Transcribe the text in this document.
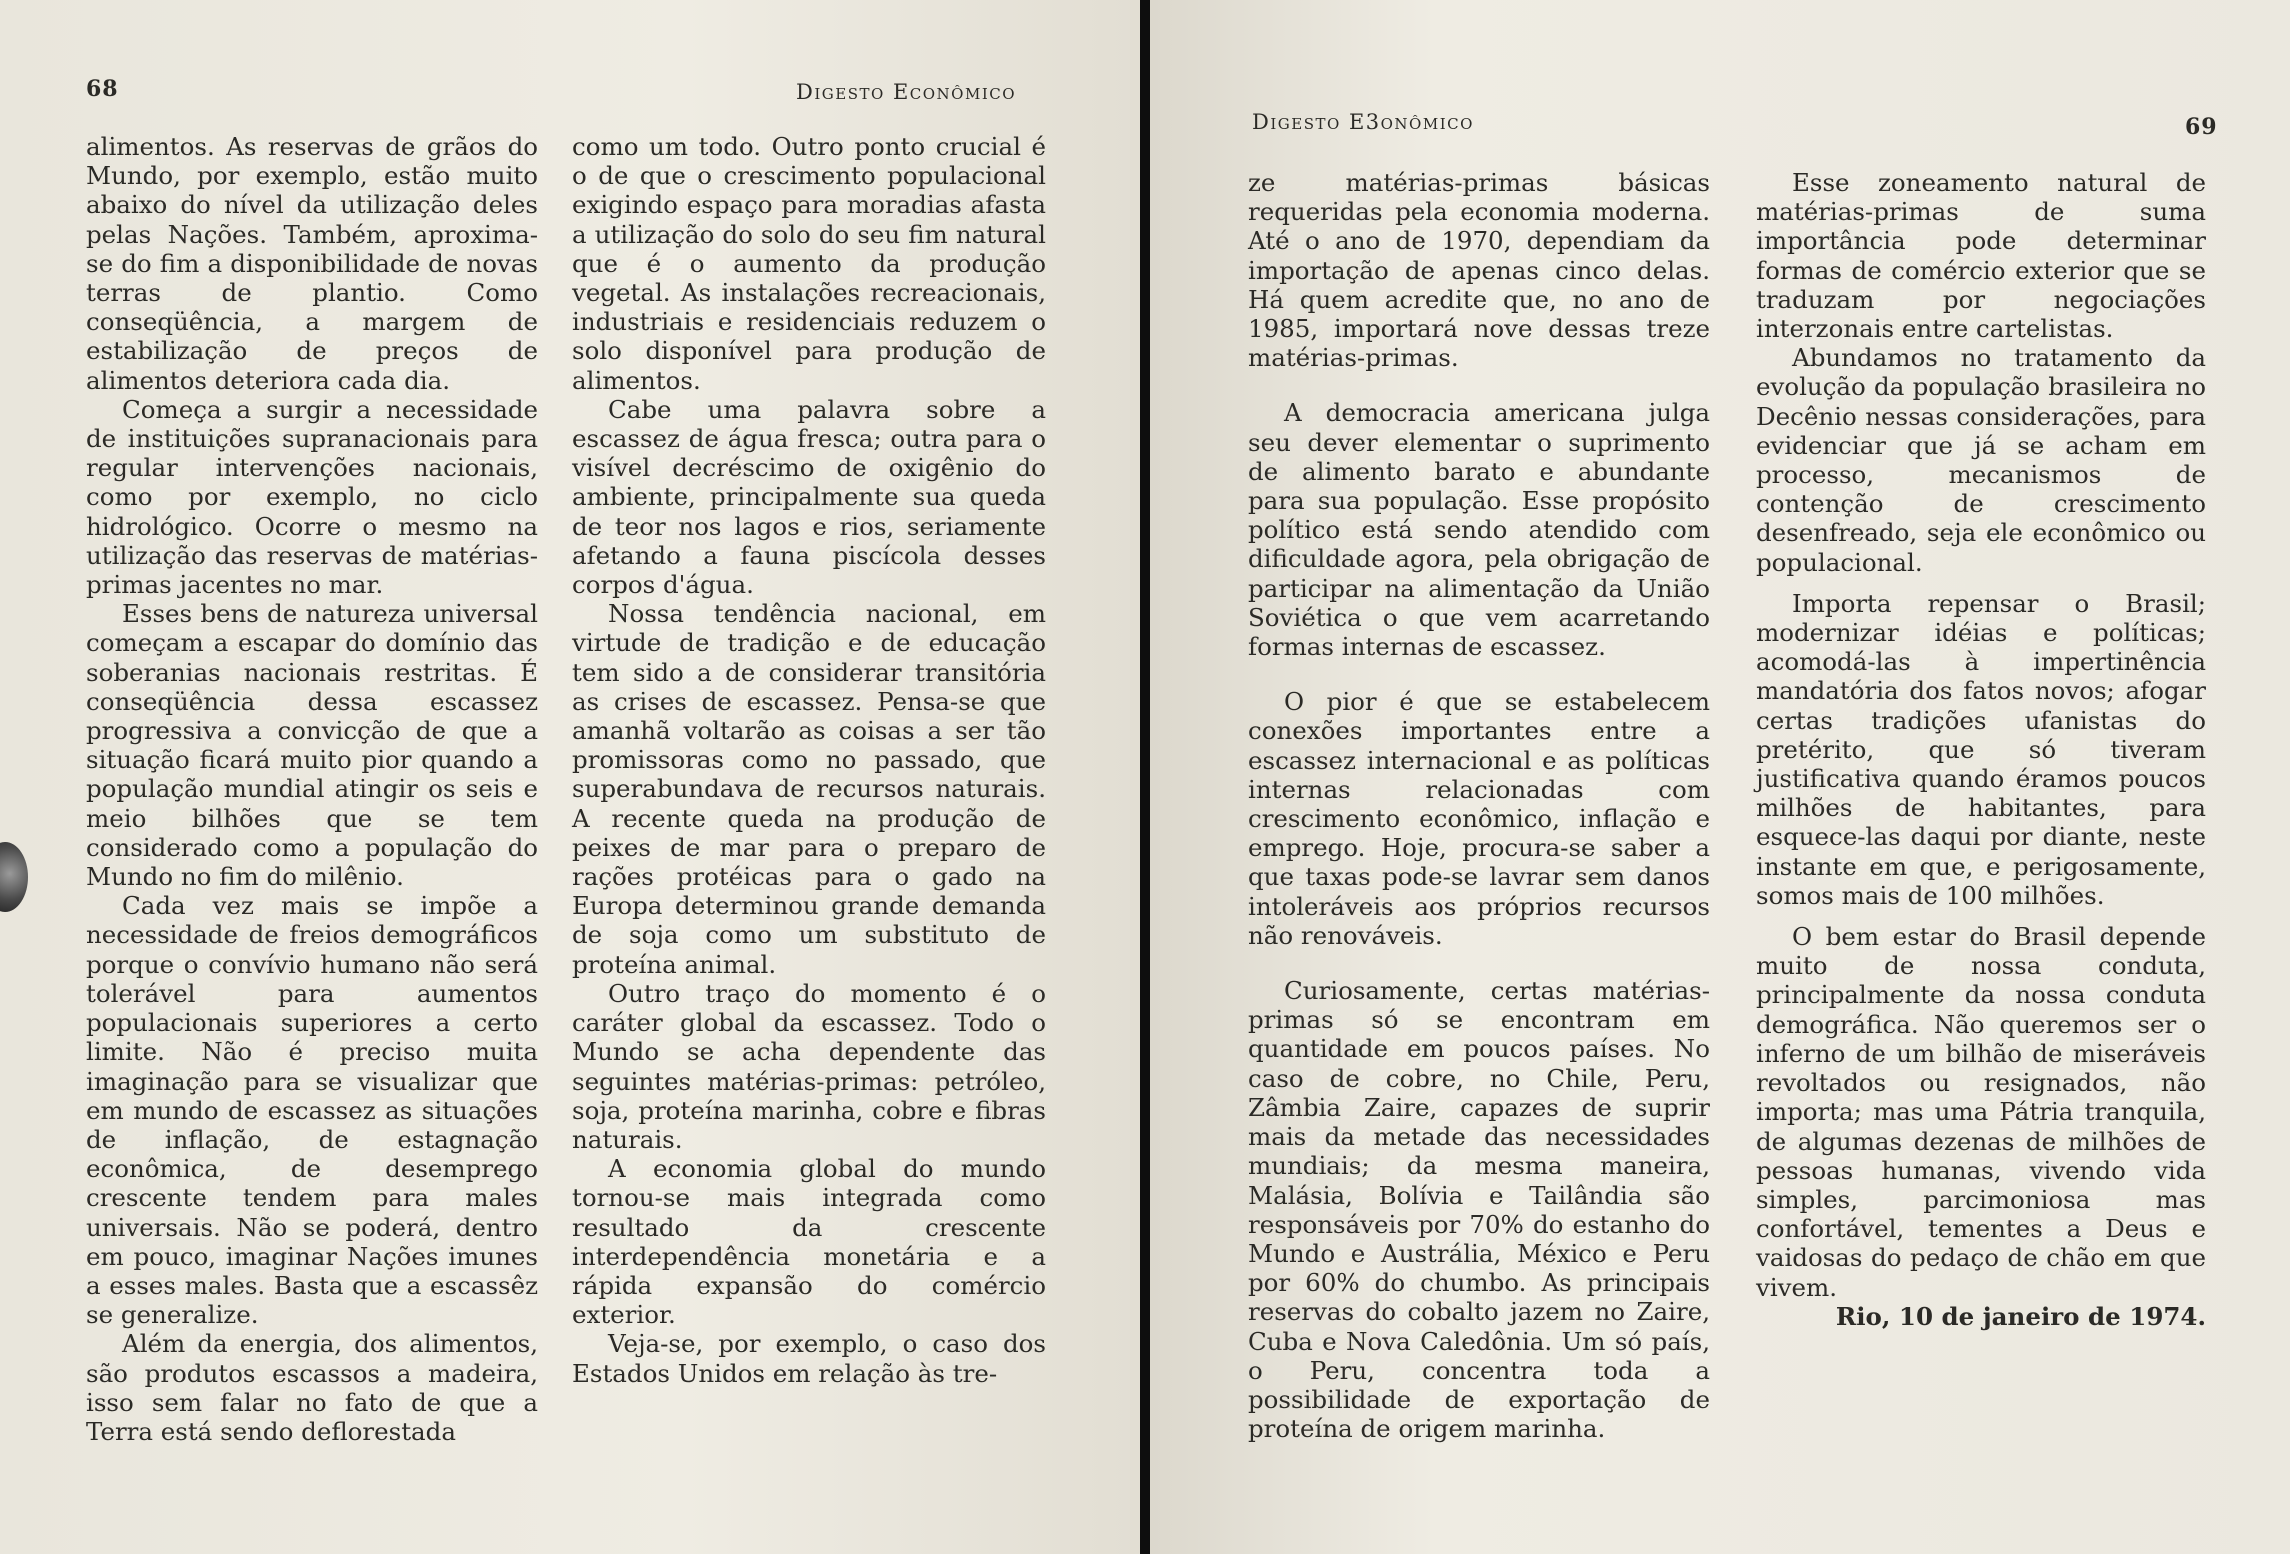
68	Digesto Econômico

alimentos. As reservas de grãos do Mundo, por exemplo, estão muito abaixo do nível da utilização deles pelas Nações. Também, aproxima-se do fim a disponibilidade de novas terras de plantio. Como conseqüência, a margem de estabilização de preços de alimentos deteriora cada dia.

Começa a surgir a necessidade de instituições supranacionais para regular intervenções nacionais, como por exemplo, no ciclo hidrológico. Ocorre o mesmo na utilização das reservas de matérias-primas jacentes no mar.

Esses bens de natureza universal começam a escapar do domínio das soberanias nacionais restritas. É conseqüência dessa escassez progressiva a convicção de que a situação ficará muito pior quando a população mundial atingir os seis e meio bilhões que se tem considerado como a população do Mundo no fim do milênio.

Cada vez mais se impõe a necessidade de freios demográficos porque o convívio humano não será tolerável para aumentos populacionais superiores a certo limite. Não é preciso muita imaginação para se visualizar que em mundo de escassez as situações de inflação, de estagnação econômica, de desemprego crescente tendem para males universais. Não se poderá, dentro em pouco, imaginar Nações imunes a esses males. Basta que a escassêz se generalize.

Além da energia, dos alimentos, são produtos escassos a madeira, isso sem falar no fato de que a Terra está sendo deflorestada

como um todo. Outro ponto crucial é o de que o crescimento populacional exigindo espaço para moradias afasta a utilização do solo do seu fim natural que é o aumento da produção vegetal. As instalações recreacionais, industriais e residenciais reduzem o solo disponível para produção de alimentos.

Cabe uma palavra sobre a escassez de água fresca; outra para o visível decréscimo de oxigênio do ambiente, principalmente sua queda de teor nos lagos e rios, seriamente afetando a fauna piscícola desses corpos d'água.

Nossa tendência nacional, em virtude de tradição e de educação tem sido a de considerar transitória as crises de escassez. Pensa-se que amanhã voltarão as coisas a ser tão promissoras como no passado, que superabundava de recursos naturais. A recente queda na produção de peixes de mar para o preparo de rações protéicas para o gado na Europa determinou grande demanda de soja como um substituto de proteína animal.

Outro traço do momento é o caráter global da escassez. Todo o Mundo se acha dependente das seguintes matérias-primas: petróleo, soja, proteína marinha, cobre e fibras naturais.

A economia global do mundo tornou-se mais integrada como resultado da crescente interdependência monetária e a rápida expansão do comércio exterior.

Veja-se, por exemplo, o caso dos Estados Unidos em relação às tre-

Digesto E3onômico	69

ze matérias-primas básicas requeridas pela economia moderna. Até o ano de 1970, dependiam da importação de apenas cinco delas. Há quem acredite que, no ano de 1985, importará nove dessas treze matérias-primas.

A democracia americana julga seu dever elementar o suprimento de alimento barato e abundante para sua população. Esse propósito político está sendo atendido com dificuldade agora, pela obrigação de participar na alimentação da União Soviética o que vem acarretando formas internas de escassez.

O pior é que se estabelecem conexões importantes entre a escassez internacional e as políticas internas relacionadas com crescimento econômico, inflação e emprego. Hoje, procura-se saber a que taxas pode-se lavrar sem danos intoleráveis aos próprios recursos não renováveis.

Curiosamente, certas matérias-primas só se encontram em quantidade em poucos países. No caso de cobre, no Chile, Peru, Zâmbia Zaire, capazes de suprir mais da metade das necessidades mundiais; da mesma maneira, Malásia, Bolívia e Tailândia são responsáveis por 70% do estanho do Mundo e Austrália, México e Peru por 60% do chumbo. As principais reservas do cobalto jazem no Zaire, Cuba e Nova Caledônia. Um só país, o Peru, concentra toda a possibilidade de exportação de proteína de origem marinha.

Esse zoneamento natural de matérias-primas de suma importância pode determinar formas de comércio exterior que se traduzam por negociações interzonais entre cartelistas.

Abundamos no tratamento da evolução da população brasileira no Decênio nessas considerações, para evidenciar que já se acham em processo, mecanismos de contenção de crescimento desenfreado, seja ele econômico ou populacional.

Importa repensar o Brasil; modernizar idéias e políticas; acomodá-las à impertinência mandatória dos fatos novos; afogar certas tradições ufanistas do pretérito, que só tiveram justificativa quando éramos poucos milhões de habitantes, para esquece-las daqui por diante, neste instante em que, e perigosamente, somos mais de 100 milhões.

O bem estar do Brasil depende muito de nossa conduta, principalmente da nossa conduta demográfica. Não queremos ser o inferno de um bilhão de miseráveis revoltados ou resignados, não importa; mas uma Pátria tranquila, de algumas dezenas de milhões de pessoas humanas, vivendo vida simples, parcimoniosa mas confortável, tementes a Deus e vaidosas do pedaço de chão em que vivem.

Rio, 10 de janeiro de 1974.
